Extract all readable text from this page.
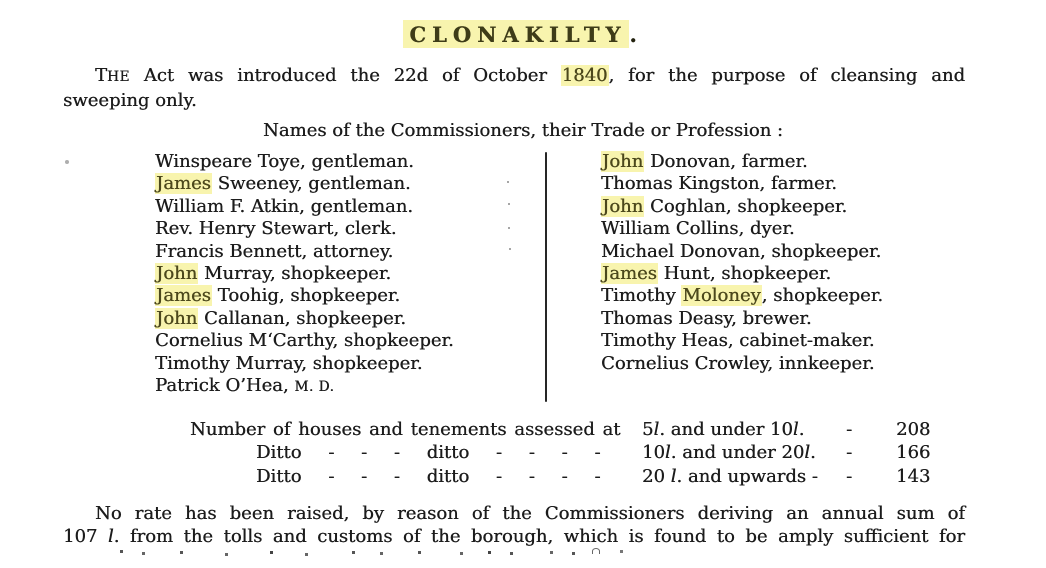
CLONAKILTY .
THE Act was introduced the 22d of October 1840, for the purpose of cleansing and
sweeping only.
Names of the Commissioners, their Trade or Profession :
Winspeare Toye, gentleman.
James Sweeney, gentleman.
William F. Atkin, gentleman.
Rev. Henry Stewart, clerk.
Francis Bennett, attorney.
John Murray, shopkeeper.
James Toohig, shopkeeper.
John Callanan, shopkeeper.
Cornelius M‘Carthy, shopkeeper.
Timothy Murray, shopkeeper.
Patrick O’Hea, M. D.
John Donovan, farmer.
Thomas Kingston, farmer.
John Coghlan, shopkeeper.
William Collins, dyer.
Michael Donovan, shopkeeper.
James Hunt, shopkeeper.
Timothy Moloney, shopkeeper.
Thomas Deasy, brewer.
Timothy Heas, cabinet-maker.
Cornelius Crowley, innkeeper.
Number of houses and tenements assessed at	5l. and under 10l.	-	208
Ditto - - - ditto - - - -	10l. and under 20l.	-	166
Ditto - - - ditto - - - -	20 l. and upwards -	-	143
No rate has been raised, by reason of the Commissioners deriving an annual sum of
107 l. from the tolls and customs of the borough, which is found to be amply sufficient for
